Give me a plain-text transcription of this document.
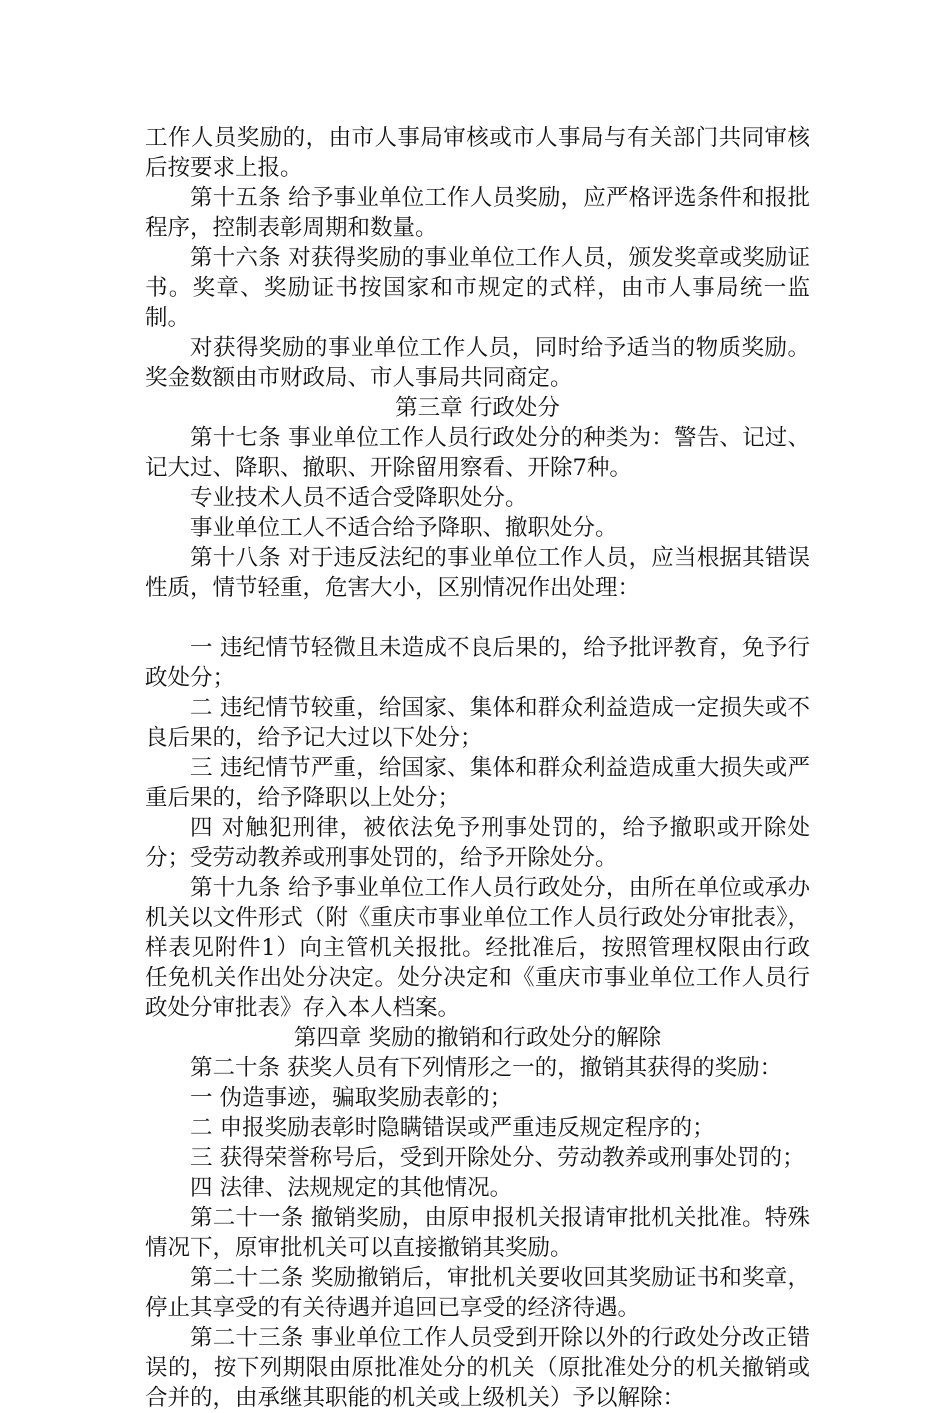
工作人员奖励的，由市人事局审核或市人事局与有关部门共同审核后按要求上报。

第十五条 给予事业单位工作人员奖励，应严格评选条件和报批程序，控制表彰周期和数量。

第十六条 对获得奖励的事业单位工作人员，颁发奖章或奖励证书。奖章、奖励证书按国家和市规定的式样，由市人事局统一监制。

对获得奖励的事业单位工作人员，同时给予适当的物质奖励。奖金数额由市财政局、市人事局共同商定。

第三章 行政处分

第十七条 事业单位工作人员行政处分的种类为：警告、记过、记大过、降职、撤职、开除留用察看、开除7种。

专业技术人员不适合受降职处分。

事业单位工人不适合给予降职、撤职处分。

第十八条 对于违反法纪的事业单位工作人员，应当根据其错误性质，情节轻重，危害大小，区别情况作出处理：

一 违纪情节轻微且未造成不良后果的，给予批评教育，免予行政处分；

二 违纪情节较重，给国家、集体和群众利益造成一定损失或不良后果的，给予记大过以下处分；

三 违纪情节严重，给国家、集体和群众利益造成重大损失或严重后果的，给予降职以上处分；

四 对触犯刑律，被依法免予刑事处罚的，给予撤职或开除处分；受劳动教养或刑事处罚的，给予开除处分。

第十九条 给予事业单位工作人员行政处分，由所在单位或承办机关以文件形式（附《重庆市事业单位工作人员行政处分审批表》，样表见附件1）向主管机关报批。经批准后，按照管理权限由行政任免机关作出处分决定。处分决定和《重庆市事业单位工作人员行政处分审批表》存入本人档案。

第四章 奖励的撤销和行政处分的解除

第二十条 获奖人员有下列情形之一的，撤销其获得的奖励：

一 伪造事迹，骗取奖励表彰的；

二 申报奖励表彰时隐瞒错误或严重违反规定程序的；

三 获得荣誉称号后，受到开除处分、劳动教养或刑事处罚的；

四 法律、法规规定的其他情况。

第二十一条 撤销奖励，由原申报机关报请审批机关批准。特殊情况下，原审批机关可以直接撤销其奖励。

第二十二条 奖励撤销后，审批机关要收回其奖励证书和奖章，停止其享受的有关待遇并追回已享受的经济待遇。

第二十三条 事业单位工作人员受到开除以外的行政处分改正错误的，按下列期限由原批准处分的机关（原批准处分的机关撤销或合并的，由承继其职能的机关或上级机关）予以解除：
